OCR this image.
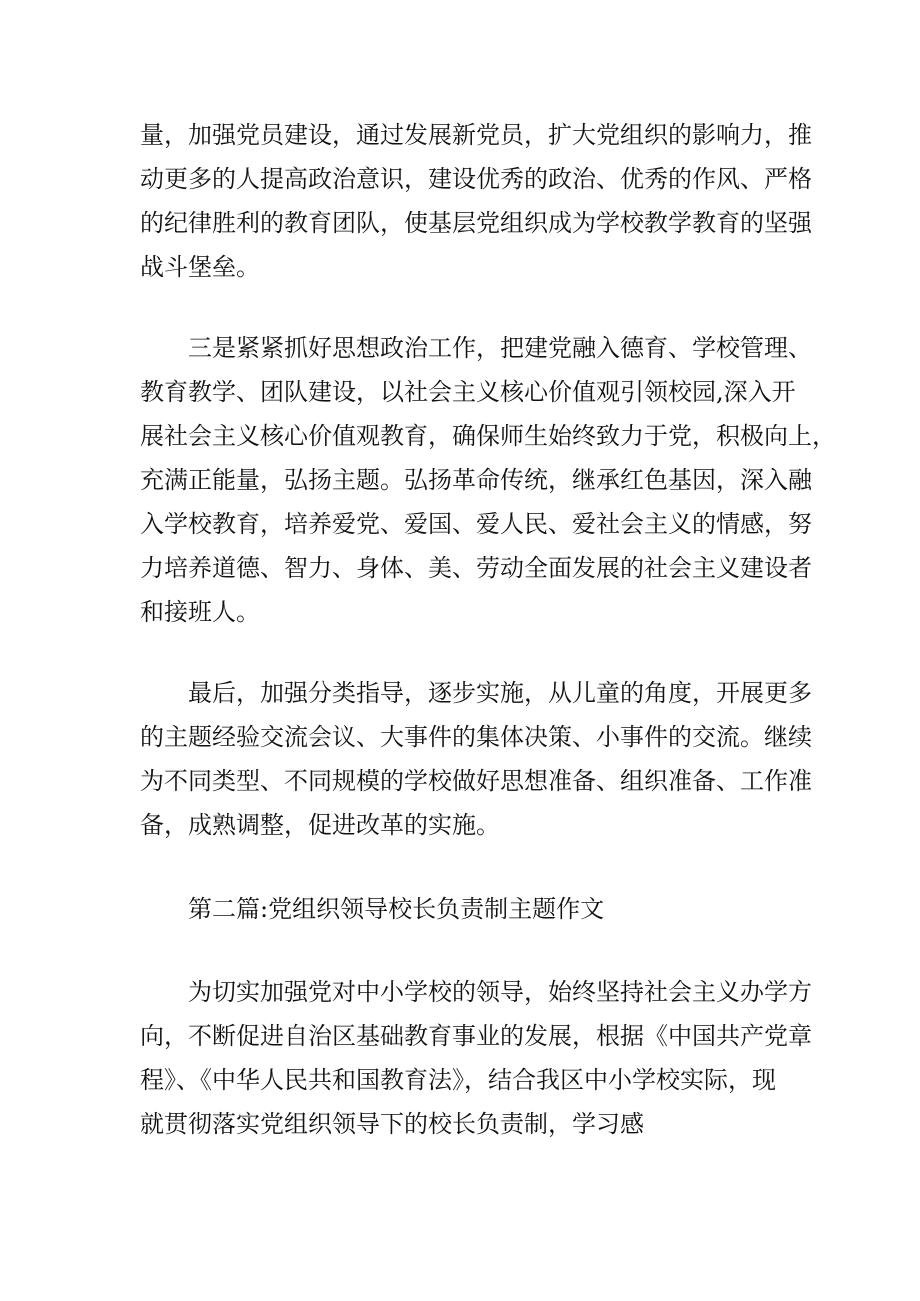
量，加强党员建设，通过发展新党员，扩大党组织的影响力，推
动更多的人提高政治意识，建设优秀的政治、优秀的作风、严格
的纪律胜利的教育团队，使基层党组织成为学校教学教育的坚强
战斗堡垒。
三是紧紧抓好思想政治工作，把建党融入德育、学校管理、
教育教学、团队建设，以社会主义核心价值观引领校园,深入开
展社会主义核心价值观教育，确保师生始终致力于党，积极向上，
充满正能量，弘扬主题。弘扬革命传统，继承红色基因，深入融
入学校教育，培养爱党、爱国、爱人民、爱社会主义的情感，努
力培养道德、智力、身体、美、劳动全面发展的社会主义建设者
和接班人。
最后，加强分类指导，逐步实施，从儿童的角度，开展更多
的主题经验交流会议、大事件的集体决策、小事件的交流。继续
为不同类型、不同规模的学校做好思想准备、组织准备、工作准
备，成熟调整，促进改革的实施。
第二篇:党组织领导校长负责制主题作文
为切实加强党对中小学校的领导，始终坚持社会主义办学方
向，不断促进自治区基础教育事业的发展，根据《中国共产党章
程》、《中华人民共和国教育法》，结合我区中小学校实际，现
就贯彻落实党组织领导下的校长负责制，学习感
